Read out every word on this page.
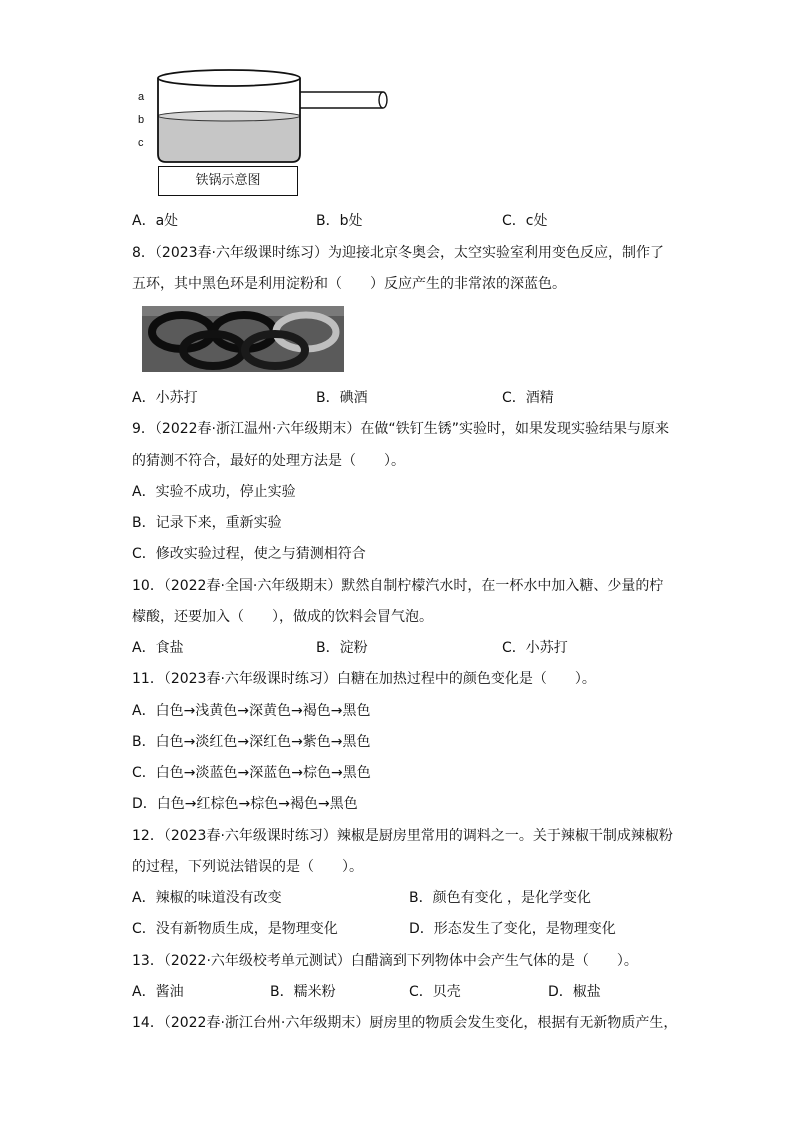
a
b
c
铁锅示意图
A．a处	B．b处	C．c处
8．（2023春·六年级课时练习）为迎接北京冬奥会，太空实验室利用变色反应，制作了
五环，其中黑色环是利用淀粉和（　　）反应产生的非常浓的深蓝色。
A．小苏打	B．碘酒	C．酒精
9．（2022春·浙江温州·六年级期末）在做“铁钉生锈”实验时，如果发现实验结果与原来
的猜测不符合，最好的处理方法是（　　）。
A．实验不成功，停止实验
B．记录下来，重新实验
C．修改实验过程，使之与猜测相符合
10．（2022春·全国·六年级期末）默然自制柠檬汽水时，在一杯水中加入糖、少量的柠
檬酸，还要加入（　　），做成的饮料会冒气泡。
A．食盐	B．淀粉	C．小苏打
11．（2023春·六年级课时练习）白糖在加热过程中的颜色变化是（　　）。
A．白色→浅黄色→深黄色→褐色→黑色
B．白色→淡红色→深红色→紫色→黑色
C．白色→淡蓝色→深蓝色→棕色→黑色
D．白色→红棕色→棕色→褐色→黑色
12．（2023春·六年级课时练习）辣椒是厨房里常用的调料之一。关于辣椒干制成辣椒粉
的过程，下列说法错误的是（　　）。
A．辣椒的味道没有改变	B．颜色有变化 ，是化学变化
C．没有新物质生成，是物理变化	D．形态发生了变化，是物理变化
13．（2022·六年级校考单元测试）白醋滴到下列物体中会产生气体的是（　　）。
A．酱油	B．糯米粉	C．贝壳	D．椒盐
14．（2022春·浙江台州·六年级期末）厨房里的物质会发生变化，根据有无新物质产生，
